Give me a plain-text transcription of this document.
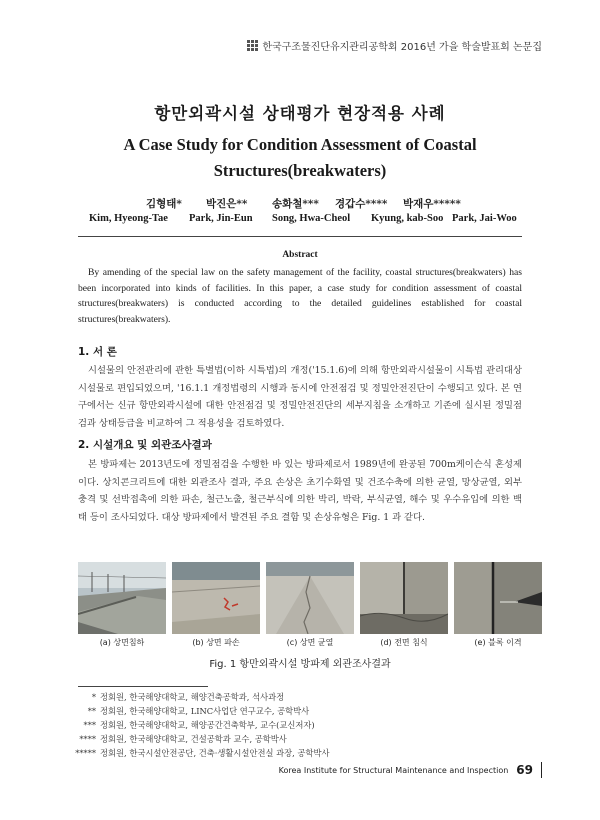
한국구조물진단유지관리공학회 2016년 가을 학술발표회 논문집
항만외곽시설 상태평가 현장적용 사례
A Case Study for Condition Assessment of Coastal Structures(breakwaters)
김형태* 박진은** 송화철*** 경갑수**** 박재우*****
Kim, Hyeong-Tae Park, Jin-Eun Song, Hwa-Cheol Kyung, kab-Soo Park, Jai-Woo
Abstract
By amending of the special law on the safety management of the facility, coastal structures(breakwaters) has been incorporated into kinds of facilities. In this paper, a case study for condition assessment of coastal structures(breakwaters) is conducted according to the detailed guidelines established for coastal structures(breakwaters).
1. 서 론
시설물의 안전관리에 관한 특별법(이하 시특법)의 개정('15.1.6)에 의해 항만외곽시설물이 시특법 관리대상 시설물로 편입되었으며, '16.1.1 개정법령의 시행과 동시에 안전점검 및 정밀안전진단이 수행되고 있다. 본 연구에서는 신규 항만외곽시설에 대한 안전점검 및 정밀안전진단의 세부지침을 소개하고 기존에 실시된 정밀점검과 상태등급을 비교하여 그 적용성을 검토하였다.
2. 시설개요 및 외관조사결과
본 방파제는 2013년도에 정밀점검을 수행한 바 있는 방파제로서 1989년에 완공된 700m케이슨식 혼성제이다. 상치콘크리트에 대한 외관조사 결과, 주요 손상은 초기수화열 및 건조수축에 의한 균열, 망상균열, 외부충격 및 선박접촉에 의한 파손, 철근노출, 철근부식에 의한 박리, 박락, 부식균열, 해수 및 우수유입에 의한 백태 등이 조사되었다. 대상 방파제에서 발견된 주요 결함 및 손상유형은 Fig. 1 과 같다.
(a) 상면침하	(b) 상면 파손	(c) 상면 균열	(d) 전면 침식	(e) 블록 이격
Fig. 1 항만외곽시설 방파제 외관조사결과
* 정회원, 한국해양대학교, 해양건축공학과, 석사과정
** 정회원, 한국해양대학교, LINC사업단 연구교수, 공학박사
*** 정회원, 한국해양대학교, 해양공간건축학부, 교수(교신저자)
**** 정회원, 한국해양대학교, 건설공학과 교수, 공학박사
***** 정회원, 한국시설안전공단, 건축·생활시설안전실 과장, 공학박사
Korea Institute for Structural Maintenance and Inspection 69
